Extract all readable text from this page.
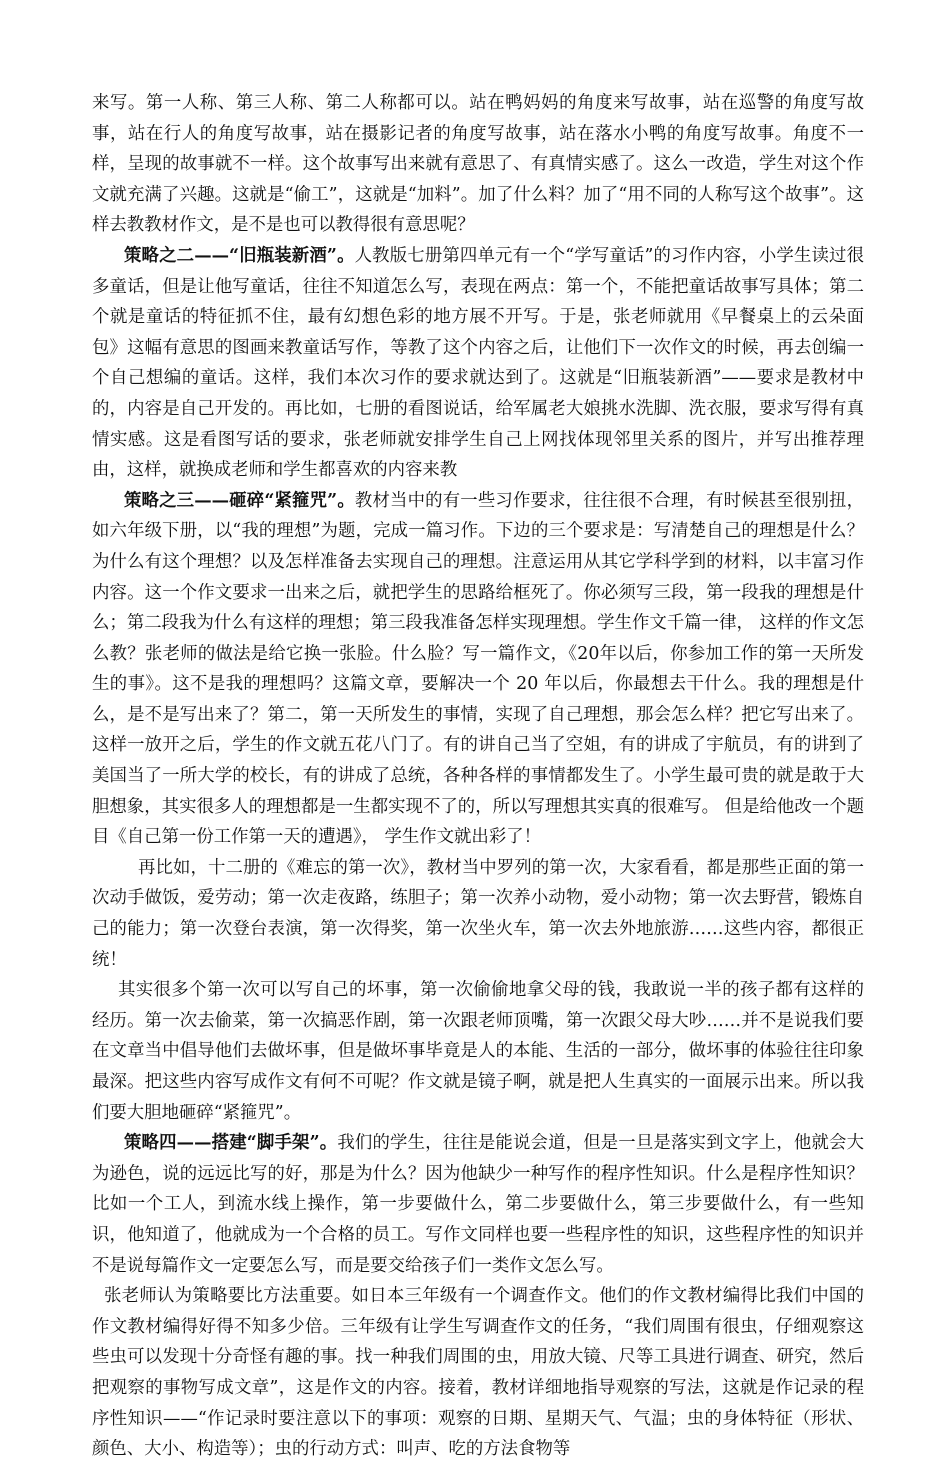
来写。第一人称、第三人称、第二人称都可以。站在鸭妈妈的角度来写故事，站在巡警的角度写故事，站在行人的角度写故事，站在摄影记者的角度写故事，站在落水小鸭的角度写故事。角度不一样，呈现的故事就不一样。这个故事写出来就有意思了、有真情实感了。这么一改造，学生对这个作文就充满了兴趣。这就是“偷工”，这就是“加料”。加了什么料？加了“用不同的人称写这个故事”。这样去教教材作文，是不是也可以教得很有意思呢？

策略之二——“旧瓶装新酒”。人教版七册第四单元有一个“学写童话”的习作内容，小学生读过很多童话，但是让他写童话，往往不知道怎么写，表现在两点：第一个，不能把童话故事写具体；第二个就是童话的特征抓不住，最有幻想色彩的地方展不开写。于是，张老师就用《早餐桌上的云朵面包》这幅有意思的图画来教童话写作，等教了这个内容之后，让他们下一次作文的时候，再去创编一个自己想编的童话。这样，我们本次习作的要求就达到了。这就是“旧瓶装新酒”——要求是教材中的，内容是自己开发的。再比如，七册的看图说话，给军属老大娘挑水洗脚、洗衣服，要求写得有真情实感。这是看图写话的要求，张老师就安排学生自己上网找体现邻里关系的图片，并写出推荐理由，这样，就换成老师和学生都喜欢的内容来教

策略之三——砸碎“紧箍咒”。教材当中的有一些习作要求，往往很不合理，有时候甚至很别扭，如六年级下册，以“我的理想”为题，完成一篇习作。下边的三个要求是：写清楚自己的理想是什么？为什么有这个理想？以及怎样准备去实现自己的理想。注意运用从其它学科学到的材料，以丰富习作内容。这一个作文要求一出来之后，就把学生的思路给框死了。你必须写三段，第一段我的理想是什么；第二段我为什么有这样的理想；第三段我准备怎样实现理想。学生作文千篇一律， 这样的作文怎么教？张老师的做法是给它换一张脸。什么脸？写一篇作文，《20年以后，你参加工作的第一天所发生的事》。这不是我的理想吗？这篇文章，要解决一个 20 年以后，你最想去干什么。我的理想是什么，是不是写出来了？第二，第一天所发生的事情，实现了自己理想，那会怎么样？把它写出来了。这样一放开之后，学生的作文就五花八门了。有的讲自己当了空姐，有的讲成了宇航员，有的讲到了美国当了一所大学的校长，有的讲成了总统，各种各样的事情都发生了。小学生最可贵的就是敢于大胆想象，其实很多人的理想都是一生都实现不了的，所以写理想其实真的很难写。 但是给他改一个题目《自己第一份工作第一天的遭遇》， 学生作文就出彩了！

再比如，十二册的《难忘的第一次》，教材当中罗列的第一次，大家看看，都是那些正面的第一次动手做饭，爱劳动；第一次走夜路，练胆子；第一次养小动物，爱小动物；第一次去野营，锻炼自己的能力；第一次登台表演，第一次得奖，第一次坐火车，第一次去外地旅游……这些内容，都很正统！

其实很多个第一次可以写自己的坏事，第一次偷偷地拿父母的钱，我敢说一半的孩子都有这样的经历。第一次去偷菜，第一次搞恶作剧，第一次跟老师顶嘴，第一次跟父母大吵……并不是说我们要在文章当中倡导他们去做坏事，但是做坏事毕竟是人的本能、生活的一部分，做坏事的体验往往印象最深。把这些内容写成作文有何不可呢？作文就是镜子啊，就是把人生真实的一面展示出来。所以我们要大胆地砸碎“紧箍咒”。

策略四——搭建“脚手架”。我们的学生，往往是能说会道，但是一旦是落实到文字上，他就会大为逊色，说的远远比写的好，那是为什么？因为他缺少一种写作的程序性知识。什么是程序性知识？比如一个工人，到流水线上操作，第一步要做什么，第二步要做什么，第三步要做什么，有一些知识，他知道了，他就成为一个合格的员工。写作文同样也要一些程序性的知识，这些程序性的知识并不是说每篇作文一定要怎么写，而是要交给孩子们一类作文怎么写。

张老师认为策略要比方法重要。如日本三年级有一个调查作文。他们的作文教材编得比我们中国的作文教材编得好得不知多少倍。三年级有让学生写调查作文的任务，“我们周围有很虫，仔细观察这些虫可以发现十分奇怪有趣的事。找一种我们周围的虫，用放大镜、尺等工具进行调查、研究，然后把观察的事物写成文章”，这是作文的内容。接着，教材详细地指导观察的写法，这就是作记录的程序性知识——“作记录时要注意以下的事项：观察的日期、星期天气、气温；虫的身体特征（形状、颜色、大小、构造等）；虫的行动方式：叫声、吃的方法食物等
